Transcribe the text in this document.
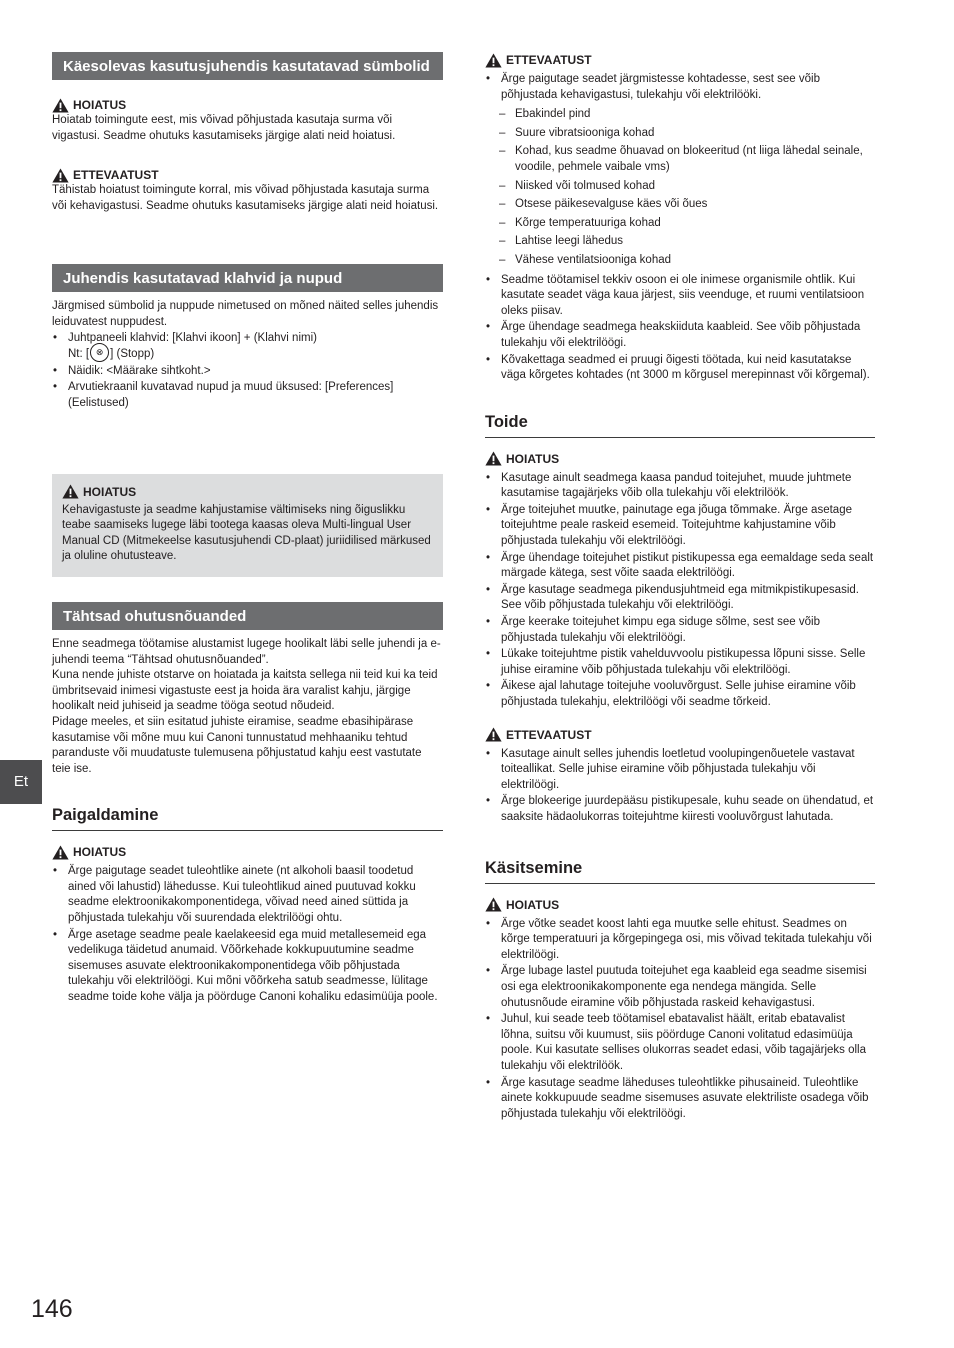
Käesolevas kasutusjuhendis kasutatavad sümbolid
HOIATUS

Hoiatab toimingute eest, mis võivad põhjustada kasutaja surma või vigastusi. Seadme ohutuks kasutamiseks järgige alati neid hoiatusi.

ETTEVAATUST

Tähistab hoiatust toimingute korral, mis võivad põhjustada kasutaja surma või kehavigastusi. Seadme ohutuks kasutamiseks järgige alati neid hoiatusi.

Juhendis kasutatavad klahvid ja nupud

Järgmised sümbolid ja nuppude nimetused on mõned näited selles juhendis leiduvatest nuppudest.

• Juhtpaneeli klahvid: [Klahvi ikoon] + (Klahvi nimi)
Nt: [ ⊗ ] (Stopp)
• Näidik: <Määrake sihtkoht.>
• Arvutiekraanil kuvatavad nupud ja muud üksused: [Preferences] (Eelistused)
HOIATUS

Kehavigastuste ja seadme kahjustamise vältimiseks ning õiguslikku teabe saamiseks lugege läbi tootega kaasas oleva Multi-lingual User Manual CD (Mitmekeelse kasutusjuhendi CD-plaat) juriidilised märkused ja oluline ohutusteave.

Tähtsad ohutusnõuanded

Enne seadmega töötamise alustamist lugege hoolikalt läbi selle juhendi ja e-juhendi teema “Tähtsad ohutusnõuanded”.

Kuna nende juhiste otstarve on hoiatada ja kaitsta sellega nii teid kui ka teid ümbritsevaid inimesi vigastuste eest ja hoida ära varalist kahju, järgige hoolikalt neid juhiseid ja seadme tööga seotud nõudeid.

Pidage meeles, et siin esitatud juhiste eiramise, seadme ebasihipärase kasutamise või mõne muu kui Canoni tunnustatud mehhaaniku tehtud paranduste või muudatuste tulemusena põhjustatud kahju eest vastutate teie ise.

Paigaldamine
HOIATUS
• Ärge paigutage seadet tuleohtlike ainete (nt alkoholi baasil toodetud ained või lahustid) lähedusse. Kui tuleohtlikud ained puutuvad kokku seadme elektroonikakomponentidega, võivad need ained süttida ja põhjustada tulekahju või suurendada elektrilöögi ohtu.
• Ärge asetage seadme peale kaelakeesid ega muid metallesemeid ega vedelikuga täidetud anumaid. Võõrkehade kokkupuutumine seadme sisemuses asuvate elektroonikakomponentidega võib põhjustada tulekahju või elektrilöögi. Kui mõni võõrkeha satub seadmesse, lülitage seadme toide kohe välja ja pöörduge Canoni kohaliku edasimüüja poole.
ETTEVAATUST
• Ärge paigutage seadet järgmistesse kohtadesse, sest see võib põhjustada kehavigastusi, tulekahju või elektrilööki.
– Ebakindel pind
– Suure vibratsiooniga kohad
– Kohad, kus seadme õhuavad on blokeeritud (nt liiga lähedal seinale, voodile, pehmele vaibale vms)
– Niisked või tolmused kohad
– Otsese päikesevalguse käes või õues
– Kõrge temperatuuriga kohad
– Lahtise leegi lähedus
– Vähese ventilatsiooniga kohad
• Seadme töötamisel tekkiv osoon ei ole inimese organismile ohtlik. Kui kasutate seadet väga kaua järjest, siis veenduge, et ruumi ventilatsioon oleks piisav.
• Ärge ühendage seadmega heakskiiduta kaableid. See võib põhjustada tulekahju või elektrilöögi.
• Kõvakettaga seadmed ei pruugi õigesti töötada, kui neid kasutatakse väga kõrgetes kohtades (nt 3000 m kõrgusel merepinnast või kõrgemal).
Toide
HOIATUS
• Kasutage ainult seadmega kaasa pandud toitejuhet, muude juhtmete kasutamise tagajärjeks võib olla tulekahju või elektrilöök.
• Ärge toitejuhet muutke, painutage ega jõuga tõmmake. Ärge asetage toitejuhtme peale raskeid esemeid. Toitejuhtme kahjustamine võib põhjustada tulekahju või elektrilöögi.
• Ärge ühendage toitejuhet pistikut pistikupessa ega eemaldage seda sealt märgade kätega, sest võite saada elektrilöögi.
• Ärge kasutage seadmega pikendusjuhtmeid ega mitmikpistikupesasid. See võib põhjustada tulekahju või elektrilöögi.
• Ärge keerake toitejuhet kimpu ega siduge sõlme, sest see võib põhjustada tulekahju või elektrilöögi.
• Lükake toitejuhtme pistik vahelduvvoolu pistikupessa lõpuni sisse. Selle juhise eiramine võib põhjustada tulekahju või elektrilöögi.
• Äikese ajal lahutage toitejuhe vooluvõrgust. Selle juhise eiramine võib põhjustada tulekahju, elektrilöögi või seadme tõrkeid.
ETTEVAATUST
• Kasutage ainult selles juhendis loetletud voolupingenõuetele vastavat toiteallikat. Selle juhise eiramine võib põhjustada tulekahju või elektrilöögi.
• Ärge blokeerige juurdepääsu pistikupesale, kuhu seade on ühendatud, et saaksite hädaolukorras toitejuhtme kiiresti vooluvõrgust lahutada.
Käsitsemine
HOIATUS
• Ärge võtke seadet koost lahti ega muutke selle ehitust. Seadmes on kõrge temperatuuri ja kõrgepingega osi, mis võivad tekitada tulekahju või elektrilöögi.
• Ärge lubage lastel puutuda toitejuhet ega kaableid ega seadme sisemisi osi ega elektroonikakomponente ega nendega mängida. Selle ohutusnõude eiramine võib põhjustada raskeid kehavigastusi.
• Juhul, kui seade teeb töötamisel ebatavalist häält, eritab ebatavalist lõhna, suitsu või kuumust, siis pöörduge Canoni volitatud edasimüüja poole. Kui kasutate sellises olukorras seadet edasi, võib tagajärjeks olla tulekahju või elektrilöök.
• Ärge kasutage seadme läheduses tuleohtlikke pihusaineid. Tuleohtlike ainete kokkupuude seadme sisemuses asuvate elektriliste osadega võib põhjustada tulekahju või elektrilöögi.
Et
146
